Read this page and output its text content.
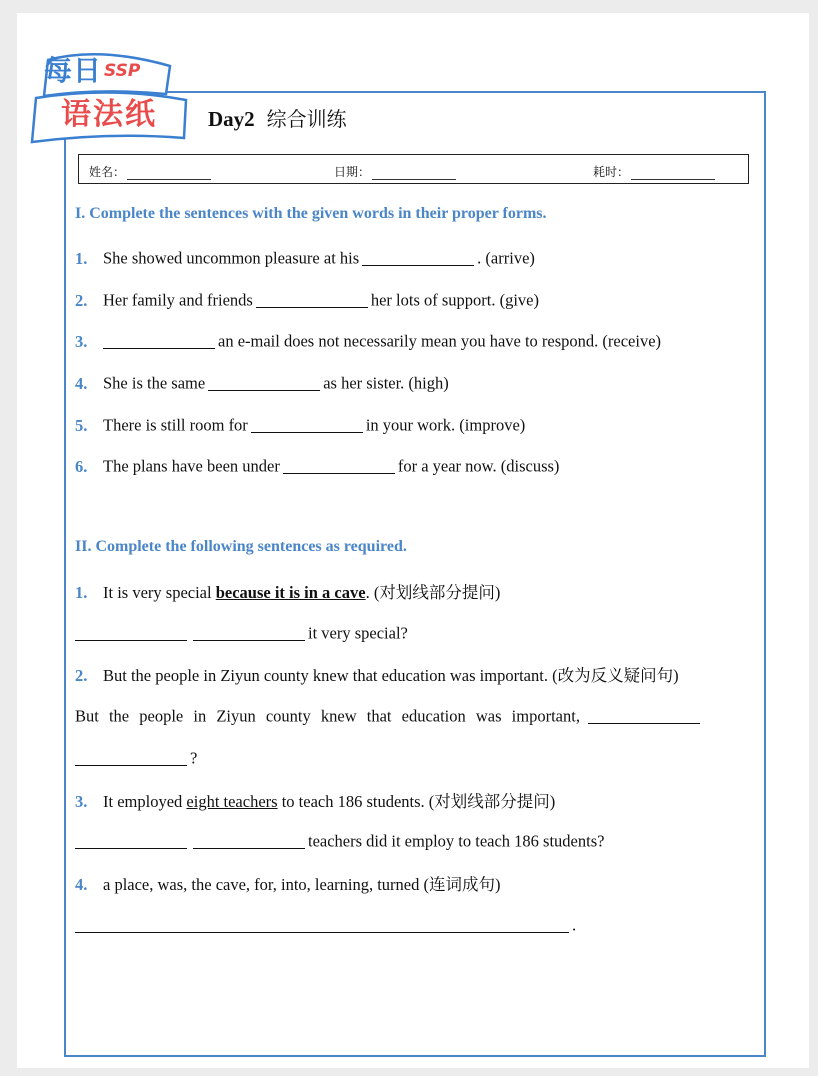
每日 SSP
语法纸 Day2 综合训练
姓名：	日期：	耗时：
I. Complete the sentences with the given words in their proper forms.
1. She showed uncommon pleasure at his	. (arrive)
2. Her family and friends	her lots of support. (give)
3.	an e-mail does not necessarily mean you have to respond. (receive)
4. She is the same	as her sister. (high)
5. There is still room for	in your work. (improve)
6. The plans have been under	for a year now. (discuss)
II. Complete the following sentences as required.
1. It is very special because it is in a cave. (对划线部分提问)
it very special?
2. But the people in Ziyun county knew that education was important. (改为反义疑问句)
But the people in Ziyun county knew that education was important,
?
3. It employed eight teachers to teach 186 students. (对划线部分提问)
teachers did it employ to teach 186 students?
4. a place, was, the cave, for, into, learning, turned (连词成句)
.
